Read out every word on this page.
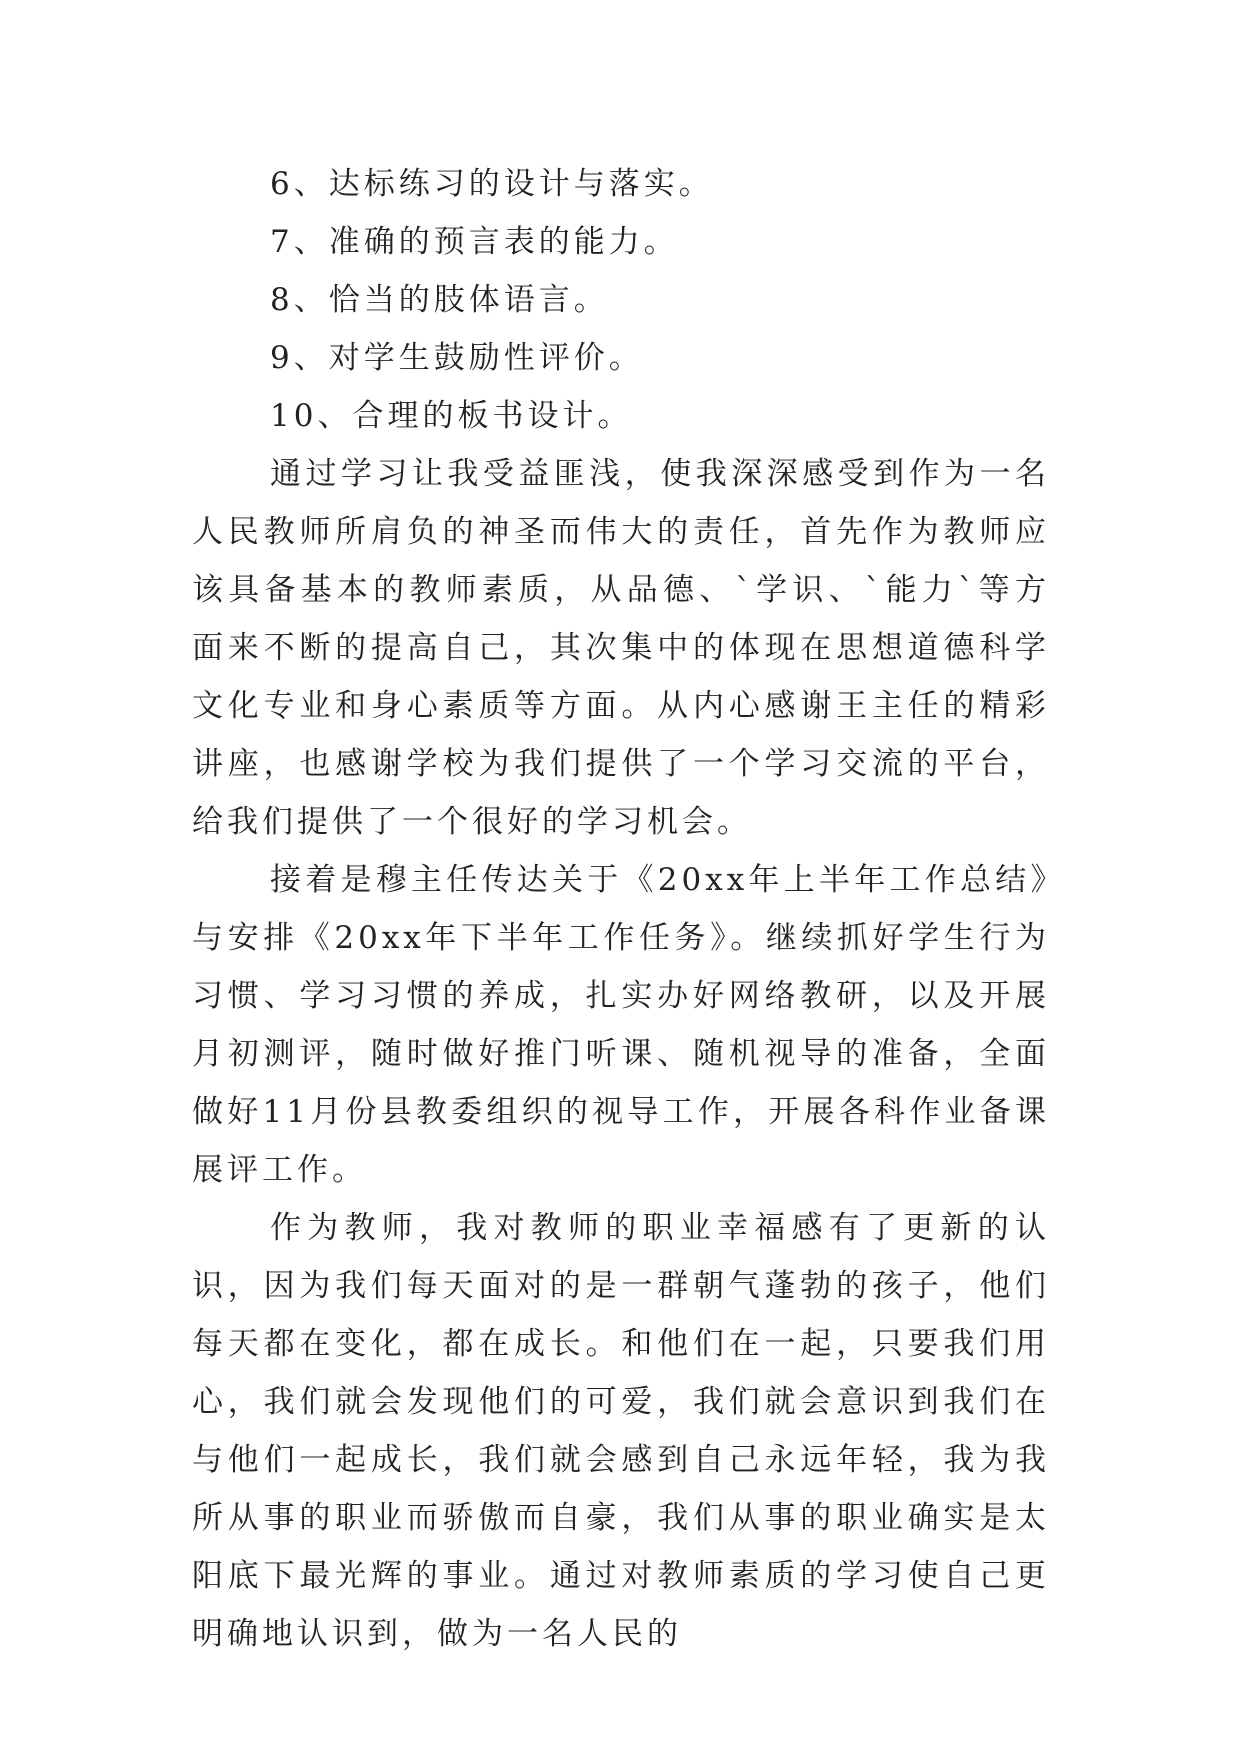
6、达标练习的设计与落实。
7、准确的预言表的能力。
8、恰当的肢体语言。
9、对学生鼓励性评价。
10、合理的板书设计。

通过学习让我受益匪浅，使我深深感受到作为一名人民教师所肩负的神圣而伟大的责任，首先作为教师应该具备基本的教师素质，从品德、`学识、`能力`等方面来不断的提高自己，其次集中的体现在思想道德科学文化专业和身心素质等方面。从内心感谢王主任的精彩讲座，也感谢学校为我们提供了一个学习交流的平台，给我们提供了一个很好的学习机会。

接着是穆主任传达关于《20xx年上半年工作总结》与安排《20xx年下半年工作任务》。继续抓好学生行为习惯、学习习惯的养成，扎实办好网络教研，以及开展月初测评，随时做好推门听课、随机视导的准备，全面做好11月份县教委组织的视导工作，开展各科作业备课展评工作。

作为教师，我对教师的职业幸福感有了更新的认识，因为我们每天面对的是一群朝气蓬勃的孩子，他们每天都在变化，都在成长。和他们在一起，只要我们用心，我们就会发现他们的可爱，我们就会意识到我们在与他们一起成长，我们就会感到自己永远年轻，我为我所从事的职业而骄傲而自豪，我们从事的职业确实是太阳底下最光辉的事业。通过对教师素质的学习使自己更明确地认识到，做为一名人民的
